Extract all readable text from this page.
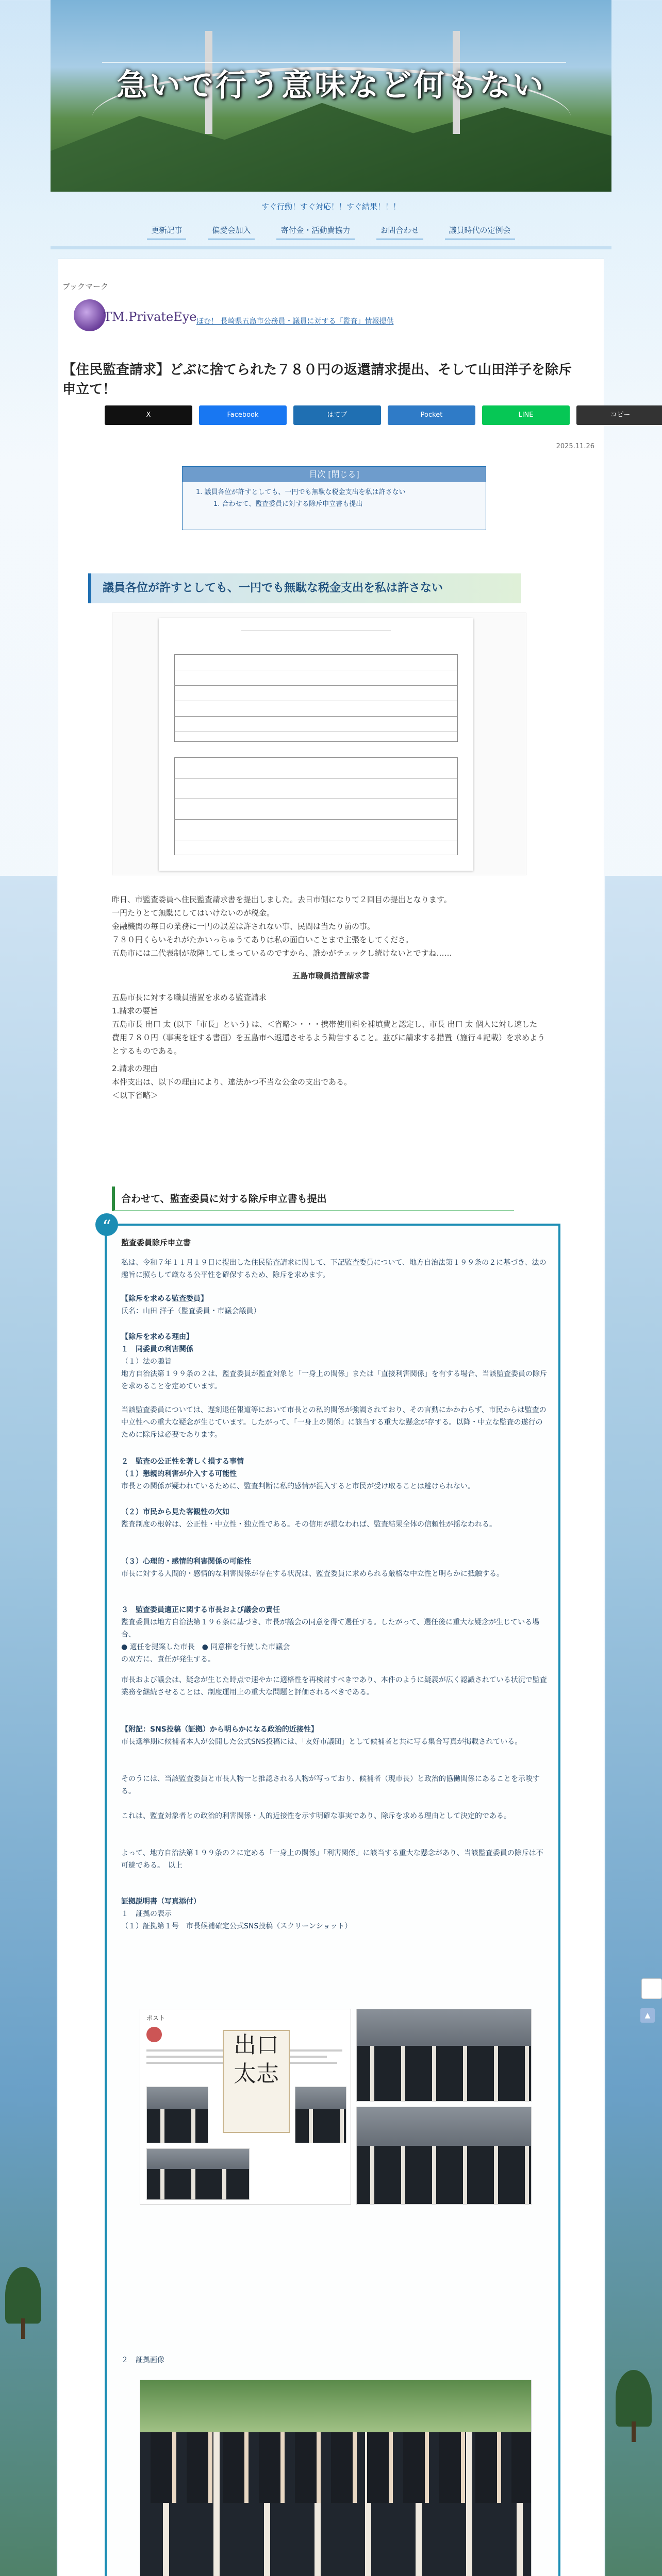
急いで行う意味など何もない
すぐ行動！すぐ対応！！すぐ結果！！！
更新記事	偏愛会加入	寄付金・活動費協力	お問合わせ	議員時代の定例会
ブックマーク
TM.PrivateEye ぼむ！ 長崎県五島市公務員・議員に対する「監査」情報提供
【住民監査請求】どぶに捨てられた７８０円の返還請求提出、そして山田洋子を除斥申立て！
X	Facebook	はてブ	Pocket	LINE	コピー
2025.11.26
目次 [閉じる]
1. 議員各位が許すとしても、一円でも無駄な税金支出を私は許さない
1. 合わせて、監査委員に対する除斥申立書も提出
議員各位が許すとしても、一円でも無駄な税金支出を私は許さない

昨日、市監査委員へ住民監査請求書を提出しました。去日市側になりて２回目の提出となります。

一円たりとて無駄にしてはいけないのが税金。

金融機関の毎日の業務に一円の誤差は許されない事、民間は当たり前の事。

７８０円くらいそれがたかいっちゅうてありは私の面白いことまで主張をしてくださ。

五島市には二代表制が故障してしまっているのですから、誰かがチェックし続けないとですね……

五島市職員措置請求書

五島市長に対する職員措置を求める監査請求

1.請求の要旨

五島市長 出口 太 (以下「市長」という) は、＜省略＞・・・携帯使用料を補填費と認定し、市長 出口 太 個人に対し速した費用７８０円（事実を証する書面）を五島市へ返還させるよう勧告すること。並びに請求する措置（施行４記載）を求めようとするものである。

2.請求の理由

本件支出は、以下の理由により、違法かつ不当な公金の支出である。

＜以下省略＞

合わせて、監査委員に対する除斥申立書も提出
“
監査委員除斥申立書
私は、令和７年１１月１９日に提出した住民監査請求に関して、下記監査委員について、地方自治法第１９９条の２に基づき、法の趣旨に照らして厳なる公平性を確保するため、除斥を求めます。
【除斥を求める監査委員】
氏名：山田 洋子（監査委員・市議会議員）
【除斥を求める理由】
１　同委員の利害関係
（１）法の趣旨
地方自治法第１９９条の２は、監査委員が監査対象と「一身上の関係」または「直接利害関係」を有する場合、当該監査委員の除斥を求めることを定めています。
当該監査委員については、遅刻退任報道等において市長との私的関係が強調されており、その言動にかかわらず、市民からは監査の中立性への重大な疑念が生じています。したがって、「一身上の関係」に該当する重大な懸念が存する。以降・中立な監査の遂行のために除斥は必要であります。
２　監査の公正性を著しく損する事情
（１）懇親的利害が介入する可能性
市長との関係が疑われているために、監査判断に私的感情が混入すると市民が受け取ることは避けられない。
（２）市民から見た客観性の欠如
監査制度の根幹は、公正性・中立性・独立性である。その信用が損なわれば、監査結果全体の信頼性が揺なわれる。
（３）心理的・感情的利害関係の可能性
市長に対する人間的・感情的な利害関係が存在する状況は、監査委員に求められる厳格な中立性と明らかに抵触する。
３　監査委員適正に関する市長および議会の責任
監査委員は地方自治法第１９６条に基づき、市長が議会の同意を得て選任する。したがって、選任後に重大な疑念が生じている場合、
● 適任を提案した市長　● 同意権を行使した市議会
の双方に、責任が発生する。
市長および議会は、疑念が生じた時点で速やかに適格性を再検討すべきであり、本件のように疑義が広く認識されている状況で監査業務を継続させることは、制度運用上の重大な問題と評価されるべきである。
【附記：SNS投稿（証拠）から明らかになる政治的近接性】
市長選挙期に候補者本人が公開した公式SNS投稿には、「友好市議団」として候補者と共に写る集合写真が掲載されている。
そのうには、当該監査委員と市長人物一と推認される人物が写っており、候補者（現市長）と政治的協働関係にあることを示唆する。
これは、監査対象者との政治的利害関係・人的近接性を示す明確な事実であり、除斥を求める理由として決定的である。
よって、地方自治法第１９９条の２に定める「一身上の関係」「利害関係」に該当する重大な懸念があり、当該監査委員の除斥は不可避である。　以上
証拠説明書（写真添付）
１　証拠の表示
（１）証拠第１号　市長候補確定公式SNS投稿（スクリーンショット）
ポスト
出口
太志
２　証拠画像
▲
